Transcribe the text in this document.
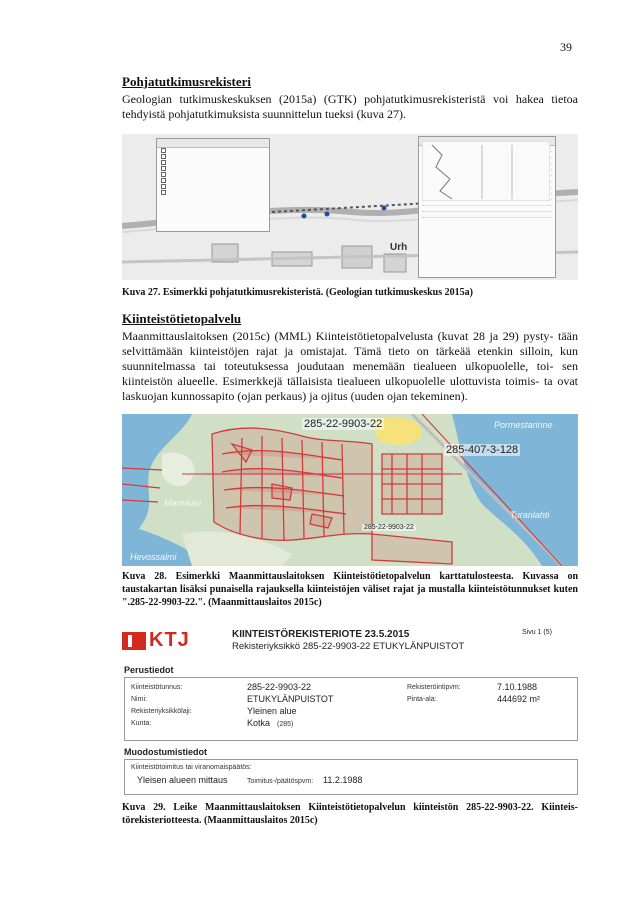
39
Pohjatutkimusrekisteri

Geologian tutkimuskeskuksen (2015a) (GTK) pohjatutkimusrekisteristä voi hakea tietoa tehdyistä pohjatutkimuksista suunnittelun tueksi (kuva 27).

Urh

Kuva 27. Esimerkki pohjatutkimusrekisteristä. (Geologian tutkimuskeskus 2015a)

Kiinteistötietopalvelu

Maanmittauslaitoksen (2015c) (MML) Kiinteistötietopalvelusta (kuvat 28 ja 29) pysty- tään selvittämään kiinteistöjen rajat ja omistajat. Tämä tieto on tärkeää etenkin silloin, kun suunnitelmassa tai toteutuksessa joudutaan menemään tiealueen ulkopuolelle, toi- sen kiinteistön alueelle. Esimerkkejä tällaisista tiealueen ulkopuolelle ulottuvista toimis- ta ovat laskuojan kunnossapito (ojan perkaus) ja ojitus (uuden ojan tekeminen).

285-22-9903-22
285-407-3-128
285-22-9903-22
Marinkari
Hevossalmi
Turanlahti
Pormestarinne

Kuva 28. Esimerkki Maanmittauslaitoksen Kiinteistötietopalvelun karttatulosteesta. Kuvassa on taustakartan lisäksi punaisella rajauksella kiinteistöjen väliset rajat ja mustalla kiinteistötunnukset kuten ".285-22-9903-22.". (Maanmittauslaitos 2015c)

KTJ	KIINTEISTÖREKISTERIOTE 23.5.2015
Rekisteriyksikkö 285-22-9903-22 ETUKYLÄNPUISTOT
Sivu 1 (5)
Perustiedot
Kiinteistötunnus:	285-22-9903-22
Nimi:	ETUKYLÄNPUISTOT
Rekisteriyksikkölaji:	Yleinen alue
Kunta:	Kotka (285)
Rekisteröintipvm:	7.10.1988
Pinta-ala:	444692 m²
Muodostumistiedot
Kiinteistötoimitus tai viranomaispäätös:
Yleisen alueen mittaus	Toimitus-/päätöspvm: 11.2.1988

Kuva 29. Leike Maanmittauslaitoksen Kiinteistötietopalvelun kiinteistön 285-22-9903-22. Kiinteis- törekisteriotteesta. (Maanmittauslaitos 2015c)
